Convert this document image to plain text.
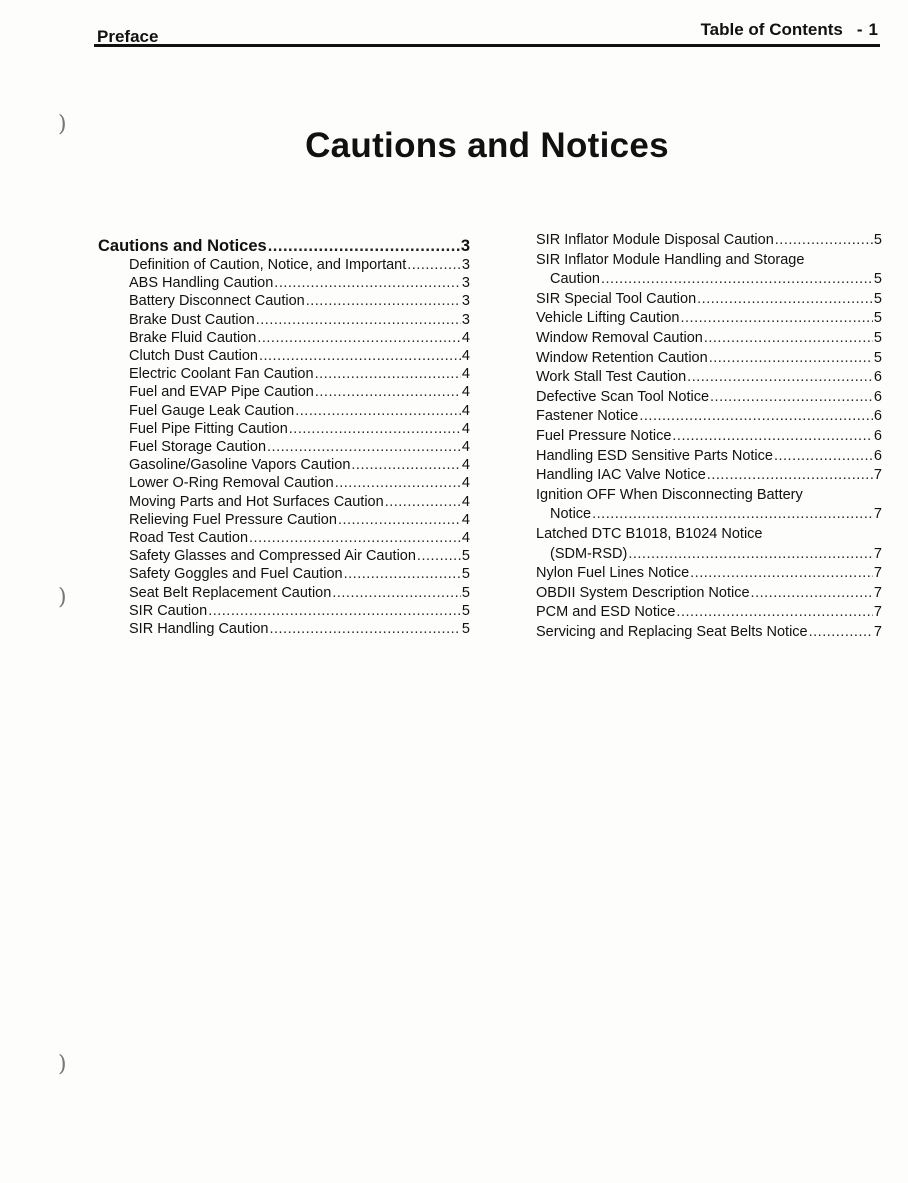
Preface	Table of Contents - 1
)
)
)
Cautions and Notices
Cautions and Notices .....	3
Definition of Caution, Notice, and Important .....	3
ABS Handling Caution .....	3
Battery Disconnect Caution .....	3
Brake Dust Caution .....	3
Brake Fluid Caution .....	4
Clutch Dust Caution .....	4
Electric Coolant Fan Caution .....	4
Fuel and EVAP Pipe Caution .....	4
Fuel Gauge Leak Caution .....	4
Fuel Pipe Fitting Caution .....	4
Fuel Storage Caution .....	4
Gasoline/Gasoline Vapors Caution .....	4
Lower O-Ring Removal Caution .....	4
Moving Parts and Hot Surfaces Caution .....	4
Relieving Fuel Pressure Caution .....	4
Road Test Caution .....	4
Safety Glasses and Compressed Air Caution .....	5
Safety Goggles and Fuel Caution .....	5
Seat Belt Replacement Caution .....	5
SIR Caution .....	5
SIR Handling Caution .....	5
SIR Inflator Module Disposal Caution .....	5
SIR Inflator Module Handling and Storage
Caution .....	5
SIR Special Tool Caution .....	5
Vehicle Lifting Caution .....	5
Window Removal Caution .....	5
Window Retention Caution .....	5
Work Stall Test Caution .....	6
Defective Scan Tool Notice .....	6
Fastener Notice .....	6
Fuel Pressure Notice .....	6
Handling ESD Sensitive Parts Notice .....	6
Handling IAC Valve Notice .....	7
Ignition OFF When Disconnecting Battery
Notice .....	7
Latched DTC B1018, B1024 Notice
(SDM-RSD) .....	7
Nylon Fuel Lines Notice .....	7
OBDII System Description Notice .....	7
PCM and ESD Notice .....	7
Servicing and Replacing Seat Belts Notice .....	7
